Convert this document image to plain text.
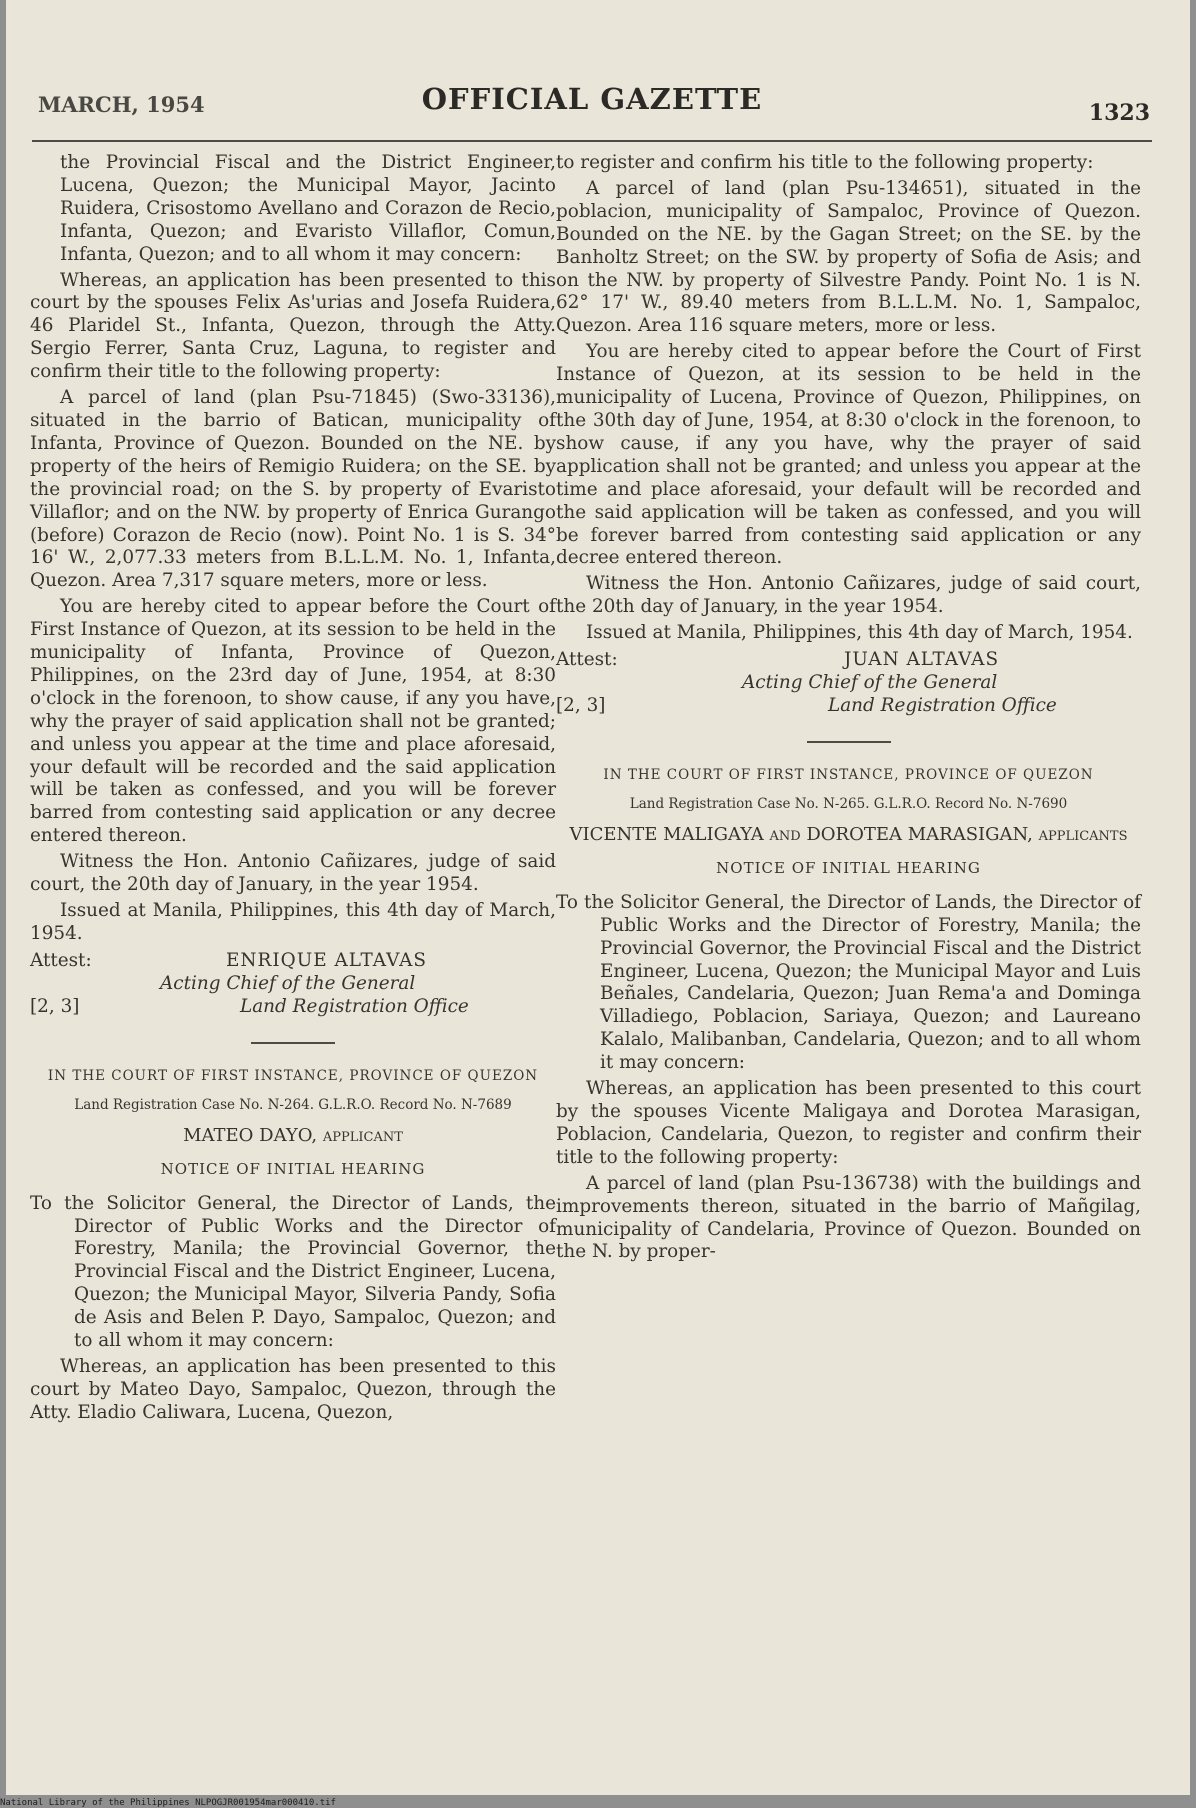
MARCH, 1954	OFFICIAL GAZETTE	1323

the Provincial Fiscal and the District Engineer, Lucena, Quezon; the Municipal Mayor, Jacinto Ruidera, Crisostomo Avellano and Corazon de Recio, Infanta, Quezon; and Evaristo Villaflor, Comun, Infanta, Quezon; and to all whom it may concern:

Whereas, an application has been presented to this court by the spouses Felix As'urias and Josefa Ruidera, 46 Plaridel St., Infanta, Quezon, through the Atty. Sergio Ferrer, Santa Cruz, Laguna, to register and confirm their title to the following property:

A parcel of land (plan Psu-71845) (Swo-33136), situated in the barrio of Batican, municipality of Infanta, Province of Quezon. Bounded on the NE. by property of the heirs of Remigio Ruidera; on the SE. by the provincial road; on the S. by property of Evaristo Villaflor; and on the NW. by property of Enrica Gurango (before) Corazon de Recio (now). Point No. 1 is S. 34° 16' W., 2,077.33 meters from B.L.L.M. No. 1, Infanta, Quezon. Area 7,317 square meters, more or less.

You are hereby cited to appear before the Court of First Instance of Quezon, at its session to be held in the municipality of Infanta, Province of Quezon, Philippines, on the 23rd day of June, 1954, at 8:30 o'clock in the forenoon, to show cause, if any you have, why the prayer of said application shall not be granted; and unless you appear at the time and place aforesaid, your default will be recorded and the said application will be taken as confessed, and you will be forever barred from contesting said application or any decree entered thereon.

Witness the Hon. Antonio Cañizares, judge of said court, the 20th day of January, in the year 1954.

Issued at Manila, Philippines, this 4th day of March, 1954.

Attest:	ENRIQUE ALTAVAS
Acting Chief of the General
[2, 3]	Land Registration Office
IN THE COURT OF FIRST INSTANCE, PROVINCE OF QUEZON
Land Registration Case No. N-264. G.L.R.O. Record No. N-7689
MATEO DAYO, applicant
NOTICE OF INITIAL HEARING

To the Solicitor General, the Director of Lands, the Director of Public Works and the Director of Forestry, Manila; the Provincial Governor, the Provincial Fiscal and the District Engineer, Lucena, Quezon; the Municipal Mayor, Silveria Pandy, Sofia de Asis and Belen P. Dayo, Sampaloc, Quezon; and to all whom it may concern:

Whereas, an application has been presented to this court by Mateo Dayo, Sampaloc, Quezon, through the Atty. Eladio Caliwara, Lucena, Quezon,

to register and confirm his title to the following property:

A parcel of land (plan Psu-134651), situated in the poblacion, municipality of Sampaloc, Province of Quezon. Bounded on the NE. by the Gagan Street; on the SE. by the Banholtz Street; on the SW. by property of Sofia de Asis; and on the NW. by property of Silvestre Pandy. Point No. 1 is N. 62° 17' W., 89.40 meters from B.L.L.M. No. 1, Sampaloc, Quezon. Area 116 square meters, more or less.

You are hereby cited to appear before the Court of First Instance of Quezon, at its session to be held in the municipality of Lucena, Province of Quezon, Philippines, on the 30th day of June, 1954, at 8:30 o'clock in the forenoon, to show cause, if any you have, why the prayer of said application shall not be granted; and unless you appear at the time and place aforesaid, your default will be recorded and the said application will be taken as confessed, and you will be forever barred from contesting said application or any decree entered thereon.

Witness the Hon. Antonio Cañizares, judge of said court, the 20th day of January, in the year 1954.

Issued at Manila, Philippines, this 4th day of March, 1954.

Attest:	JUAN ALTAVAS
Acting Chief of the General
[2, 3]	Land Registration Office
IN THE COURT OF FIRST INSTANCE, PROVINCE OF QUEZON
Land Registration Case No. N-265. G.L.R.O. Record No. N-7690
VICENTE MALIGAYA and DOROTEA MARASIGAN, applicants
NOTICE OF INITIAL HEARING

To the Solicitor General, the Director of Lands, the Director of Public Works and the Director of Forestry, Manila; the Provincial Governor, the Provincial Fiscal and the District Engineer, Lucena, Quezon; the Municipal Mayor and Luis Beñales, Candelaria, Quezon; Juan Rema'a and Dominga Villadiego, Poblacion, Sariaya, Quezon; and Laureano Kalalo, Malibanban, Candelaria, Quezon; and to all whom it may concern:

Whereas, an application has been presented to this court by the spouses Vicente Maligaya and Dorotea Marasigan, Poblacion, Candelaria, Quezon, to register and confirm their title to the following property:

A parcel of land (plan Psu-136738) with the buildings and improvements thereon, situated in the barrio of Mañgilag, municipality of Candelaria, Province of Quezon. Bounded on the N. by proper-

National Library of the Philippines NLPOGJR001954mar000410.tif
